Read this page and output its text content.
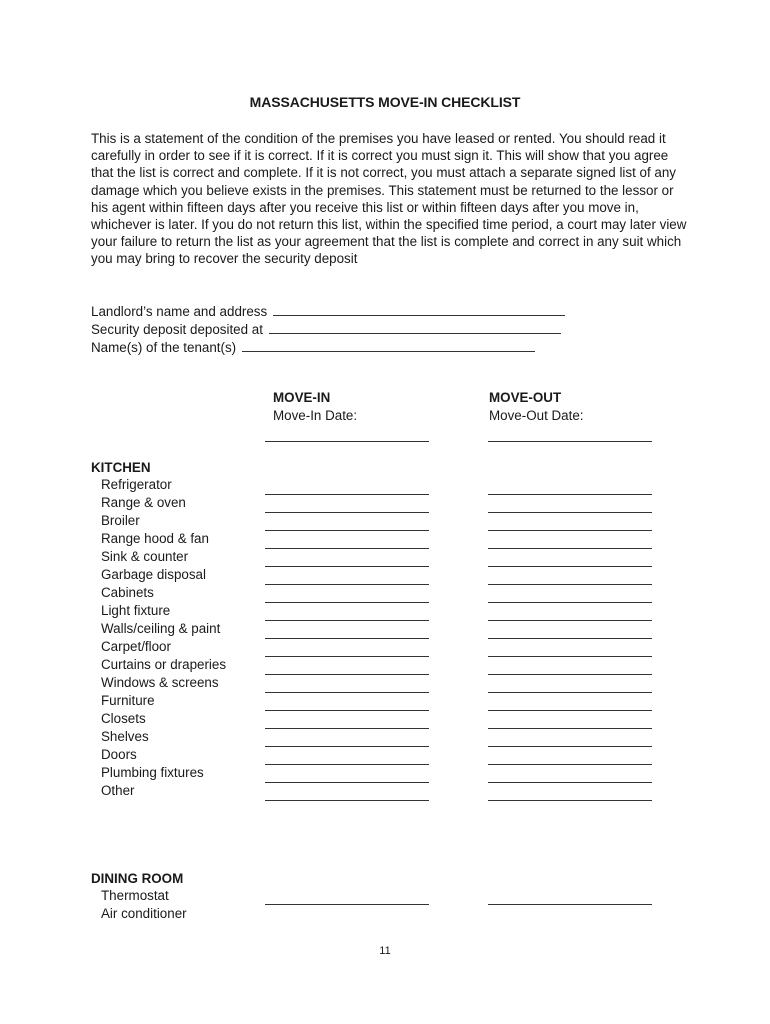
MASSACHUSETTS MOVE-IN CHECKLIST

This is a statement of the condition of the premises you have leased or rented. You should read it carefully in order to see if it is correct. If it is correct you must sign it. This will show that you agree that the list is correct and complete. If it is not correct, you must attach a separate signed list of any damage which you believe exists in the premises. This statement must be returned to the lessor or his agent within fifteen days after you receive this list or within fifteen days after you move in, whichever is later. If you do not return this list, within the specified time period, a court may later view your failure to return the list as your agreement that the list is complete and correct in any suit which you may bring to recover the security deposit

Landlord’s name and address
Security deposit deposited at
Name(s) of the tenant(s)
MOVE-IN
Move-In Date:
MOVE-OUT
Move-Out Date:
KITCHEN
Refrigerator
Range & oven
Broiler
Range hood & fan
Sink & counter
Garbage disposal
Cabinets
Light fixture
Walls/ceiling & paint
Carpet/floor
Curtains or draperies
Windows & screens
Furniture
Closets
Shelves
Doors
Plumbing fixtures
Other
DINING ROOM
Thermostat
Air conditioner
11
